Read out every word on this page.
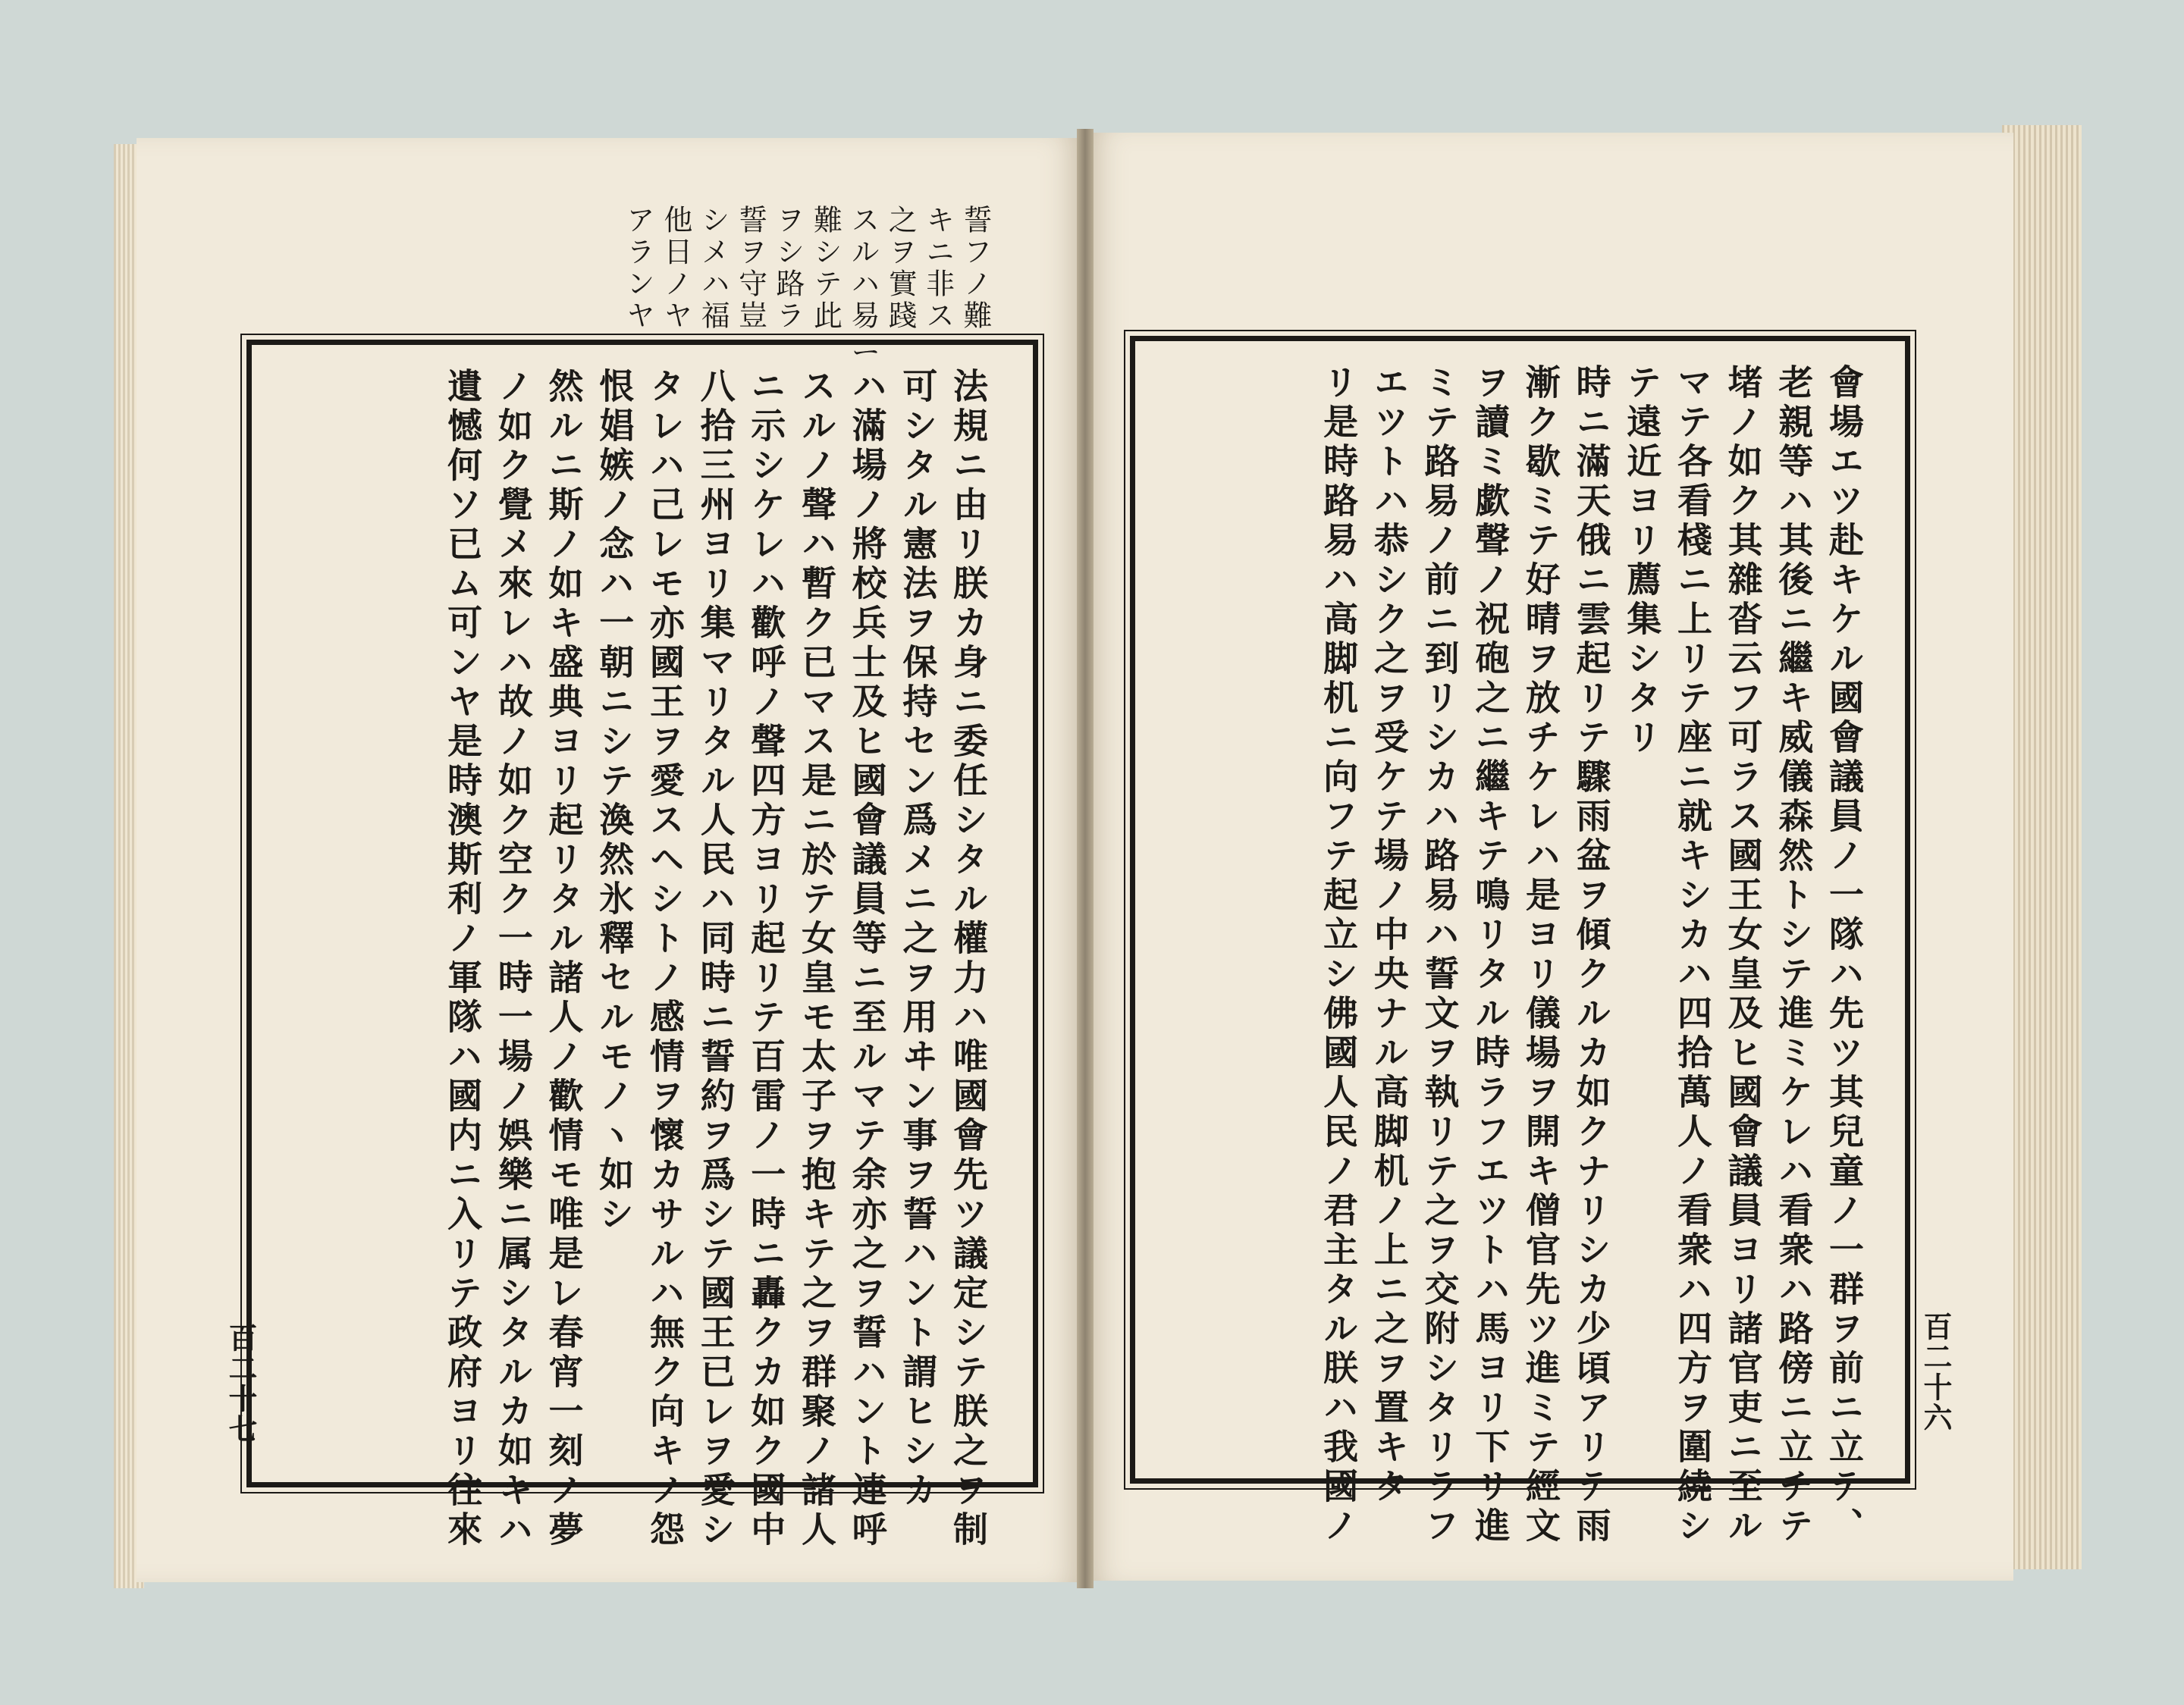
誓フノ難

キニ非ス

之ヲ實踐

スルハ易ニ

難シテ此

ヲシ路ラ

誓ヲ守豈

シメハ福

他日ノヤ

アランヤ

法規ニ由リ朕カ身ニ委任シタル權力ハ唯國會先ツ議定シテ朕之ヲ制

可シタル憲法ヲ保持セン爲メニ之ヲ用ヰン事ヲ誓ハント謂ヒシカ

ハ滿場ノ將校兵士及ヒ國會議員等ニ至ルマテ余亦之ヲ誓ハント連呼

スルノ聲ハ暫ク已マス是ニ於テ女皇モ太子ヲ抱キテ之ヲ群聚ノ諸人

ニ示シケレハ歡呼ノ聲四方ヨリ起リテ百雷ノ一時ニ轟クカ如ク國中

八拾三州ヨリ集マリタル人民ハ同時ニ誓約ヲ爲シテ國王已レヲ愛シ

タレハ己レモ亦國王ヲ愛スヘシトノ感情ヲ懷カサルハ無ク向キノ怨

恨娼嫉ノ念ハ一朝ニシテ渙然氷釋セルモノヽ如シ

然ルニ斯ノ如キ盛典ヨリ起リタル諸人ノ歡情モ唯是レ春宵一刻ノ夢

ノ如ク覺メ來レハ故ノ如ク空ク一時一場ノ娯樂ニ属シタルカ如キハ

遺憾何ソ已ム可ンヤ是時澳斯利ノ軍隊ハ國内ニ入リテ政府ヨリ往來	會場エツ赴キケル國會議員ノ一隊ハ先ツ其兒童ノ一群ヲ前ニ立テ、

老親等ハ其後ニ繼キ威儀森然トシテ進ミケレハ看衆ハ路傍ニ立チテ

堵ノ如ク其雜沓云フ可ラス國王女皇及ヒ國會議員ヨリ諸官吏ニ至ル

マテ各看棧ニ上リテ座ニ就キシカハ四拾萬人ノ看衆ハ四方ヲ圍繞シ

テ遠近ヨリ薦集シタリ

時ニ滿天俄ニ雲起リテ驟雨盆ヲ傾クルカ如クナリシカ少頃アリテ雨

漸ク歇ミテ好晴ヲ放チケレハ是ヨリ儀場ヲ開キ僧官先ツ進ミテ經文

ヲ讀ミ歔聲ノ祝砲之ニ繼キテ鳴リタル時ラフエツトハ馬ヨリ下リ進

ミテ路易ノ前ニ到リシカハ路易ハ誓文ヲ執リテ之ヲ交附シタリラフ

エツトハ恭シク之ヲ受ケテ場ノ中央ナル高脚机ノ上ニ之ヲ置キタ

リ是時路易ハ高脚机ニ向フテ起立シ佛國人民ノ君主タル朕ハ我國ノ

百二十七	百二十六
